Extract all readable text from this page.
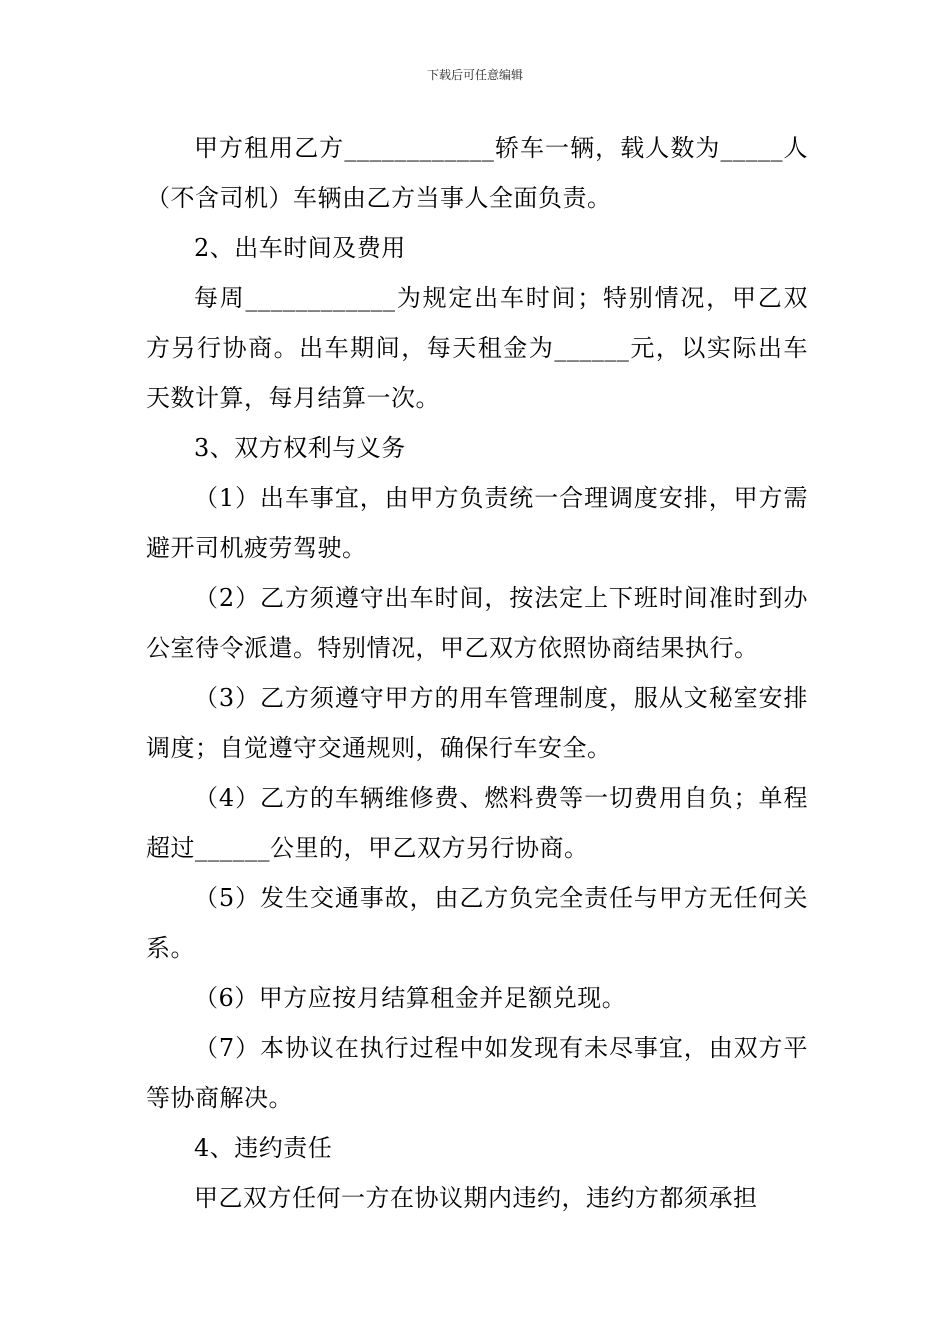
下载后可任意编辑

甲方租用乙方____________轿车一辆，载人数为_____人（不含司机）车辆由乙方当事人全面负责。

2、出车时间及费用

每周____________为规定出车时间；特别情况，甲乙双方另行协商。出车期间，每天租金为______元，以实际出车天数计算，每月结算一次。

3、双方权利与义务

（1）出车事宜，由甲方负责统一合理调度安排，甲方需避开司机疲劳驾驶。

（2）乙方须遵守出车时间，按法定上下班时间准时到办公室待令派遣。特别情况，甲乙双方依照协商结果执行。

（3）乙方须遵守甲方的用车管理制度，服从文秘室安排调度；自觉遵守交通规则，确保行车安全。

（4）乙方的车辆维修费、燃料费等一切费用自负；单程超过______公里的，甲乙双方另行协商。

（5）发生交通事故，由乙方负完全责任与甲方无任何关系。

（6）甲方应按月结算租金并足额兑现。

（7）本协议在执行过程中如发现有未尽事宜，由双方平等协商解决。

4、违约责任

甲乙双方任何一方在协议期内违约，违约方都须承担
